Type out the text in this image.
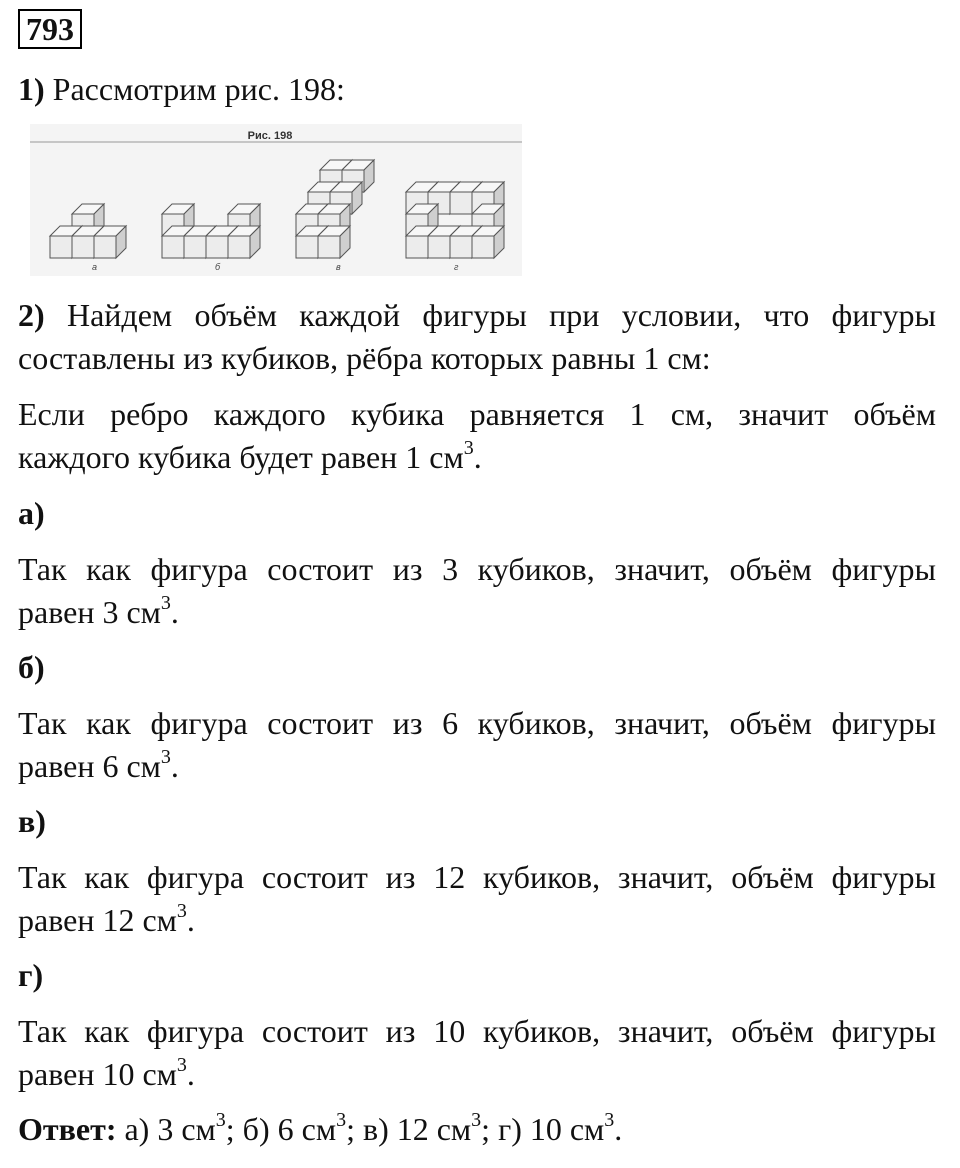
793

1) Рассмотрим рис. 198:

Рис. 198
а	б	в	г

2) Найдем объём каждой фигуры при условии, что фигуры

составлены из кубиков, рёбра которых равны 1 см:

Если ребро каждого кубика равняется 1 см, значит объём

каждого кубика будет равен 1 $см^3$.

а)

Так как фигура состоит из 3 кубиков, значит, объём фигуры

равен 3 $см^3$.

б)

Так как фигура состоит из 6 кубиков, значит, объём фигуры

равен 6 $см^3$.

в)

Так как фигура состоит из 12 кубиков, значит, объём фигуры

равен 12 $см^3$.

г)

Так как фигура состоит из 10 кубиков, значит, объём фигуры

равен 10 $см^3$.

Ответ: а) 3 $см^3$; б) 6 $см^3$; в) 12 $см^3$; г) 10 $см^3$.
